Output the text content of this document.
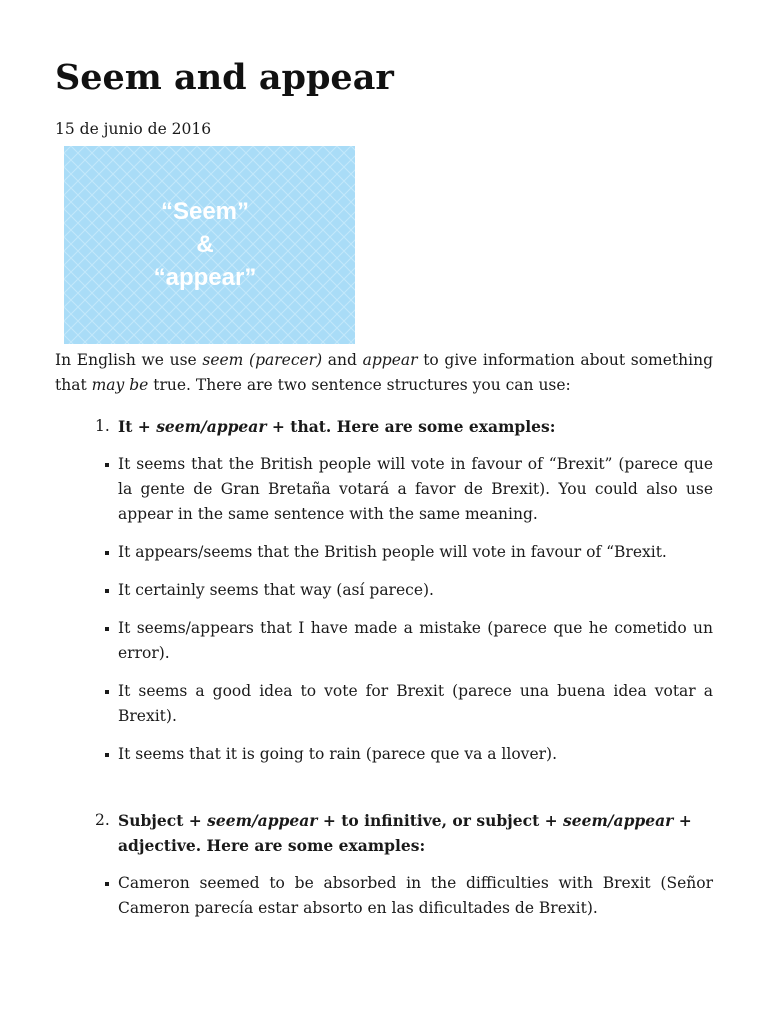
Seem and appear
15 de junio de 2016
“Seem”
&
“appear”

In English we use seem (parecer) and appear to give information about something that may be true. There are two sentence structures you can use:

1. It + seem/appear + that. Here are some examples:
It seems that the British people will vote in favour of “Brexit” (parece que la gente de Gran Bretaña votará a favor de Brexit). You could also use appear in the same sentence with the same meaning.
It appears/seems that the British people will vote in favour of “Brexit.
It certainly seems that way (así parece).
It seems/appears that I have made a mistake (parece que he cometido un error).
It seems a good idea to vote for Brexit (parece una buena idea votar a Brexit).
It seems that it is going to rain (parece que va a llover).
2. Subject + seem/appear + to infinitive, or subject + seem/appear + adjective. Here are some examples:
Cameron seemed to be absorbed in the difficulties with Brexit (Señor Cameron parecía estar absorto en las dificultades de Brexit).
